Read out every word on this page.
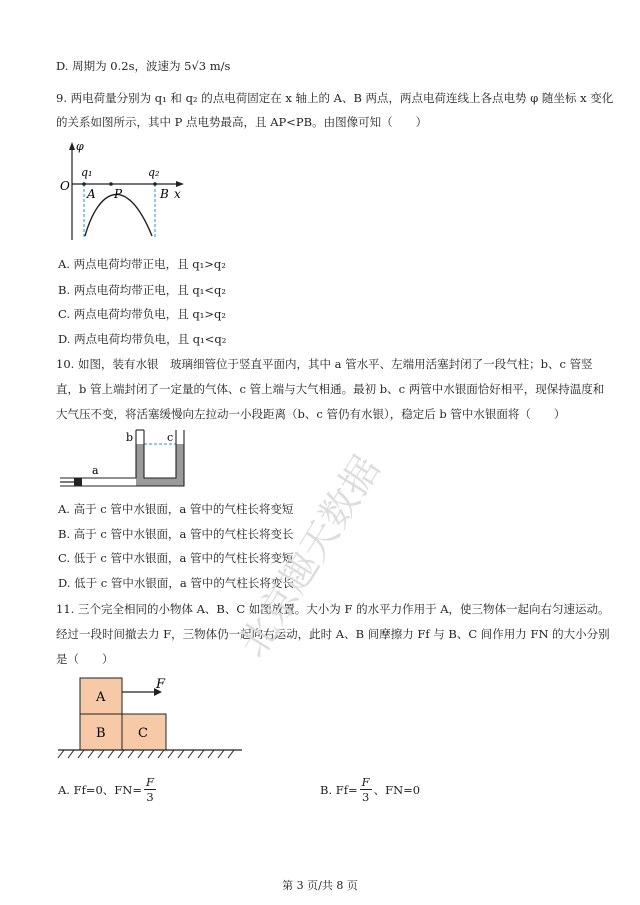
D. 周期为 0.2s，波速为 5√3 m/s
9. 两电荷量分别为 q₁ 和 q₂ 的点电荷固定在 x 轴上的 A、B 两点，两点电荷连线上各点电势 φ 随坐标 x 变化
的关系如图所示，其中 P 点电势最高，且 AP<PB。由图像可知（　　）
φ
q₁	q₂
O
A P	B x
A. 两点电荷均带正电，且 q₁>q₂
B. 两点电荷均带正电，且 q₁<q₂
C. 两点电荷均带负电，且 q₁>q₂
D. 两点电荷均带负电，且 q₁<q₂
10. 如图，装有水银　玻璃细管位于竖直平面内，其中 a 管水平、左端用活塞封闭了一段气柱；b、c 管竖
直，b 管上端封闭了一定量的气体、c 管上端与大气相通。最初 b、c 两管中水银面恰好相平，现保持温度和
大气压不变，将活塞缓慢向左拉动一小段距离（b、c 管仍有水银），稳定后 b 管中水银面将（　　）
a
b	c
A. 高于 c 管中水银面，a 管中的气柱长将变短
B. 高于 c 管中水银面，a 管中的气柱长将变长
C. 低于 c 管中水银面，a 管中的气柱长将变短
D. 低于 c 管中水银面，a 管中的气柱长将变长
11. 三个完全相同的小物体 A、B、C 如图放置。大小为 F 的水平力作用于 A，使三物体一起向右匀速运动。
经过一段时间撤去力 F，三物体仍一起向右运动，此时 A、B 间摩擦力 Ff 与 B、C 间作用力 FN 的大小分别
是（　　）
A
B C
F
A. Ff=0、$FN= \frac{F}{3}$	B. $Ff= \frac{F}{3}$ 、FN=0
北京趣天数据
第 3 页/共 8 页
